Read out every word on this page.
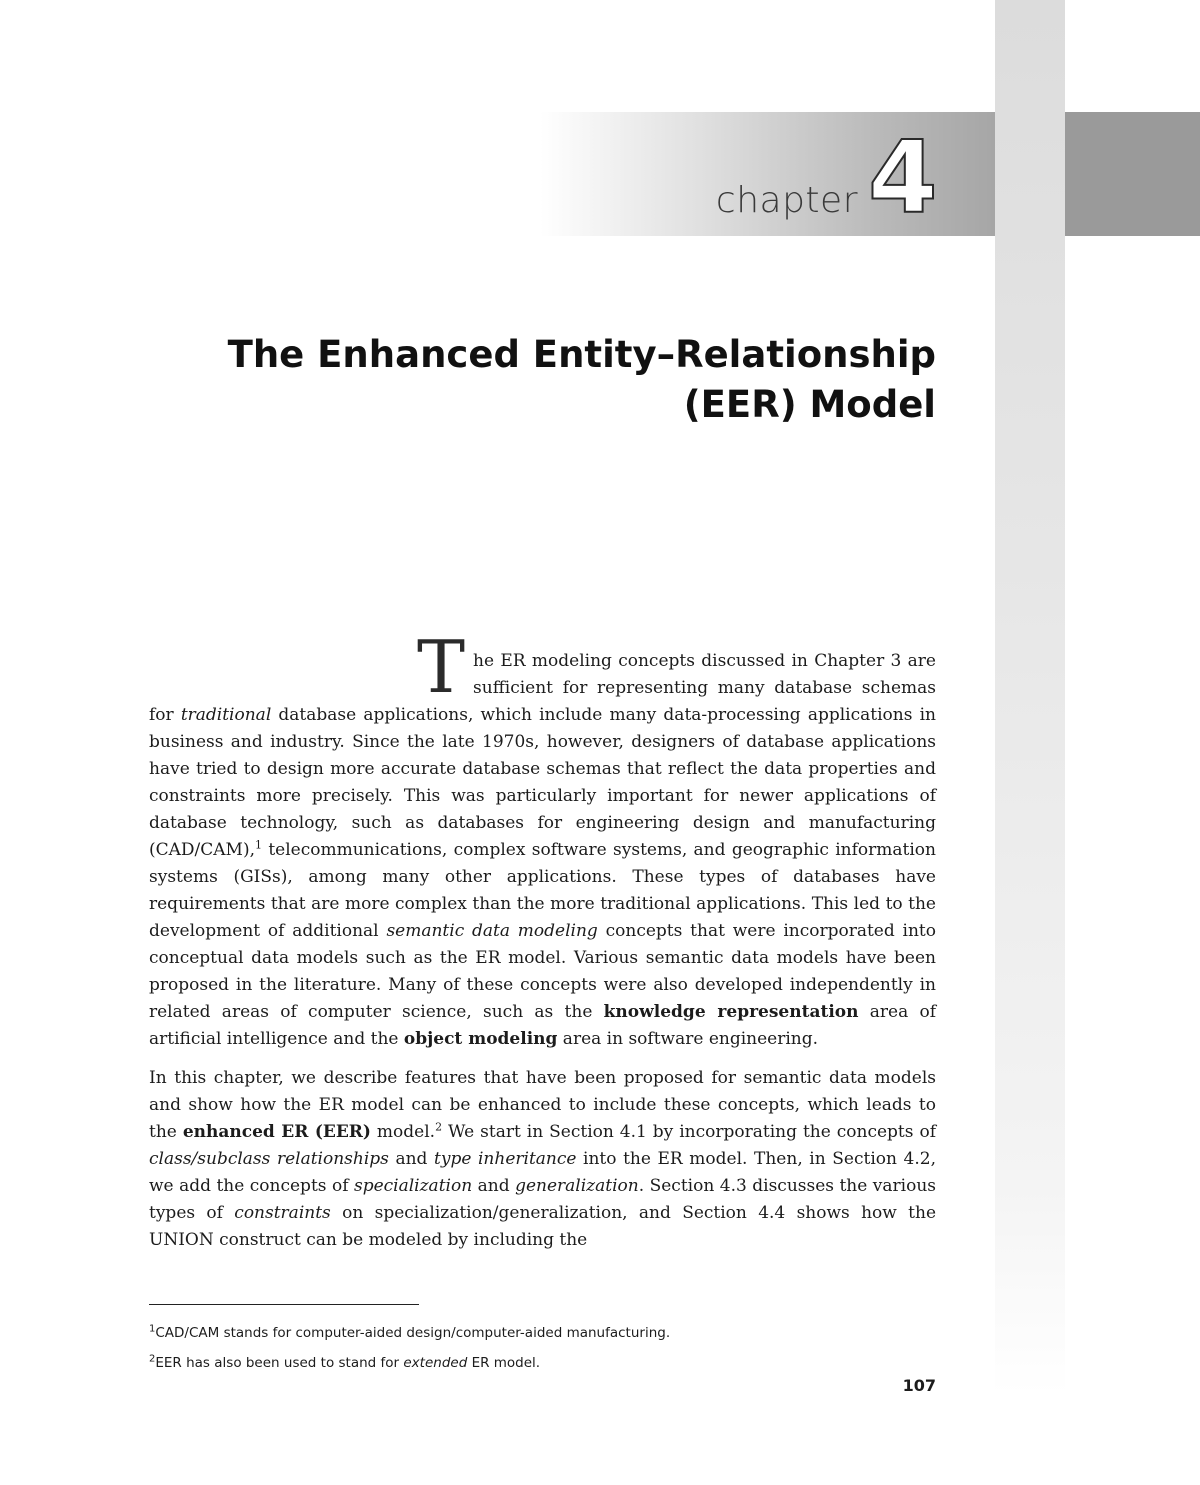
chapter 4
The Enhanced Entity–Relationship
(EER) Model

The ER modeling concepts discussed in Chapter 3 are sufficient for representing many database schemas for traditional database applications, which include many data-processing applications in business and industry. Since the late 1970s, however, designers of database applications have tried to design more accurate database schemas that reflect the data properties and constraints more precisely. This was particularly important for newer applications of database technology, such as databases for engineering design and manufacturing (CAD/CAM),$^1$ telecommunications, complex software systems, and geographic information systems (GISs), among many other applications. These types of databases have requirements that are more complex than the more traditional applications. This led to the development of additional semantic data modeling concepts that were incorporated into conceptual data models such as the ER model. Various semantic data models have been proposed in the literature. Many of these concepts were also developed independently in related areas of computer science, such as the knowledge representation area of artificial intelligence and the object modeling area in software engineering.

In this chapter, we describe features that have been proposed for semantic data models and show how the ER model can be enhanced to include these concepts, which leads to the enhanced ER (EER) model.$^2$ We start in Section 4.1 by incorporating the concepts of class/subclass relationships and type inheritance into the ER model. Then, in Section 4.2, we add the concepts of specialization and generalization. Section 4.3 discusses the various types of constraints on specialization/generalization, and Section 4.4 shows how the UNION construct can be modeled by including the

$^1$CAD/CAM stands for computer-aided design/computer-aided manufacturing.
$^2$EER has also been used to stand for extended ER model.
107
